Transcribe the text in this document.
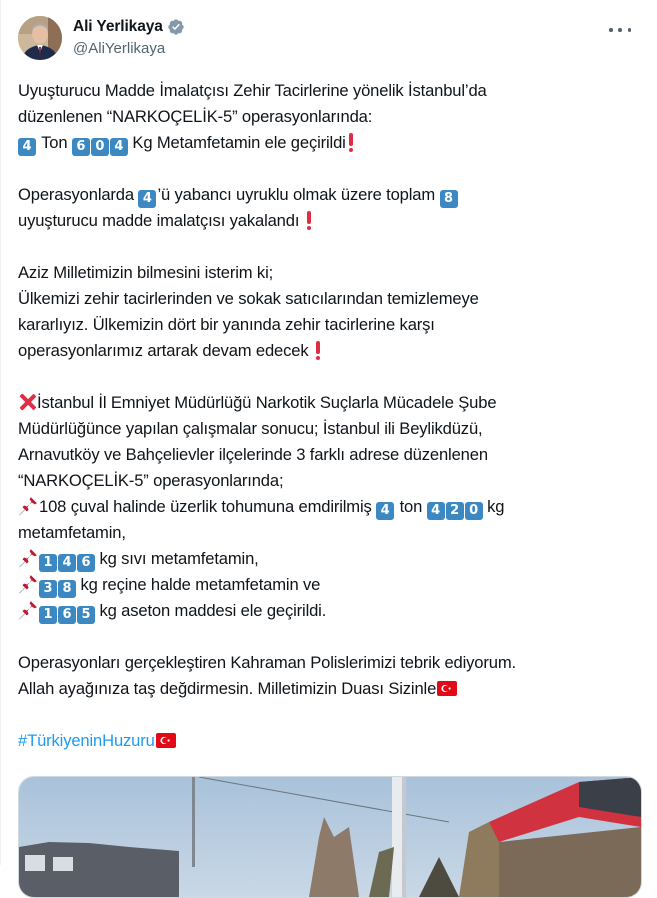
Ali Yerlikaya
@AliYerlikaya
Uyuşturucu Madde İmalatçısı Zehir Tacirlerine yönelik İstanbul’da
düzenlenen “NARKOÇELİK-5” operasyonlarında:
4 Ton 6 0 4 Kg Metamfetamin ele geçirildi
Operasyonlarda 4 ’ü yabancı uyruklu olmak üzere toplam 8
uyuşturucu madde imalatçısı yakalandı
Aziz Milletimizin bilmesini isterim ki;
Ülkemizi zehir tacirlerinden ve sokak satıcılarından temizlemeye
kararlıyız. Ülkemizin dört bir yanında zehir tacirlerine karşı
operasyonlarımız artarak devam edecek
İstanbul İl Emniyet Müdürlüğü Narkotik Suçlarla Mücadele Şube
Müdürlüğünce yapılan çalışmalar sonucu; İstanbul ili Beylikdüzü,
Arnavutköy ve Bahçelievler ilçelerinde 3 farklı adrese düzenlenen
“NARKOÇELİK-5” operasyonlarında;
108 çuval halinde üzerlik tohumuna emdirilmiş 4 ton 4 2 0 kg
metamfetamin,
1 4 6 kg sıvı metamfetamin,
3 8 kg reçine halde metamfetamin ve
1 6 5 kg aseton maddesi ele geçirildi.
Operasyonları gerçekleştiren Kahraman Polislerimizi tebrik ediyorum.
Allah ayağınıza taş değdirmesin. Milletimizin Duası Sizinle
#TürkiyeninHuzuru
